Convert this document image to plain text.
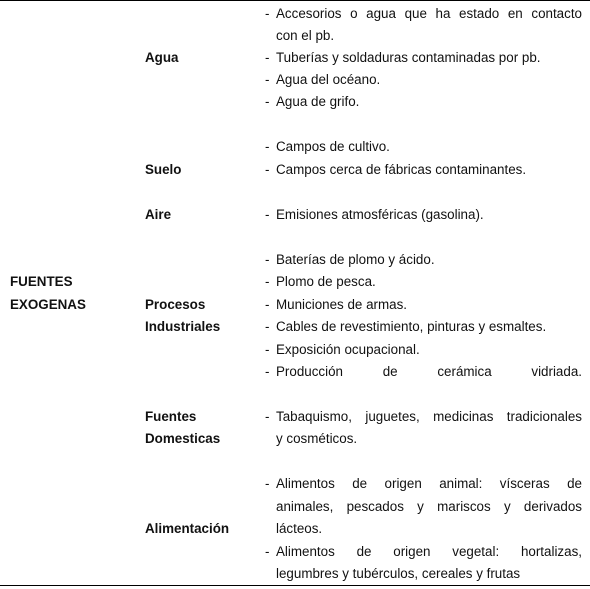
FUENTES
EXOGENAS
Agua
Suelo
Aire
Procesos
Industriales
Fuentes
Domesticas
Alimentación
- Accesorios o agua que ha estado en contacto
con el pb.
- Tuberías y soldaduras contaminadas por pb.
- Agua del océano.
- Agua de grifo.
- Campos de cultivo.
- Campos cerca de fábricas contaminantes.
- Emisiones atmosféricas (gasolina).
- Baterías de plomo y ácido.
- Plomo de pesca.
- Municiones de armas.
- Cables de revestimiento, pinturas y esmaltes.
- Exposición ocupacional.
- Producción de cerámica vidriada.
- Tabaquismo, juguetes, medicinas tradicionales
y cosméticos.
- Alimentos de origen animal: vísceras de
animales, pescados y mariscos y derivados
lácteos.
- Alimentos de origen vegetal: hortalizas,
legumbres y tubérculos, cereales y frutas
